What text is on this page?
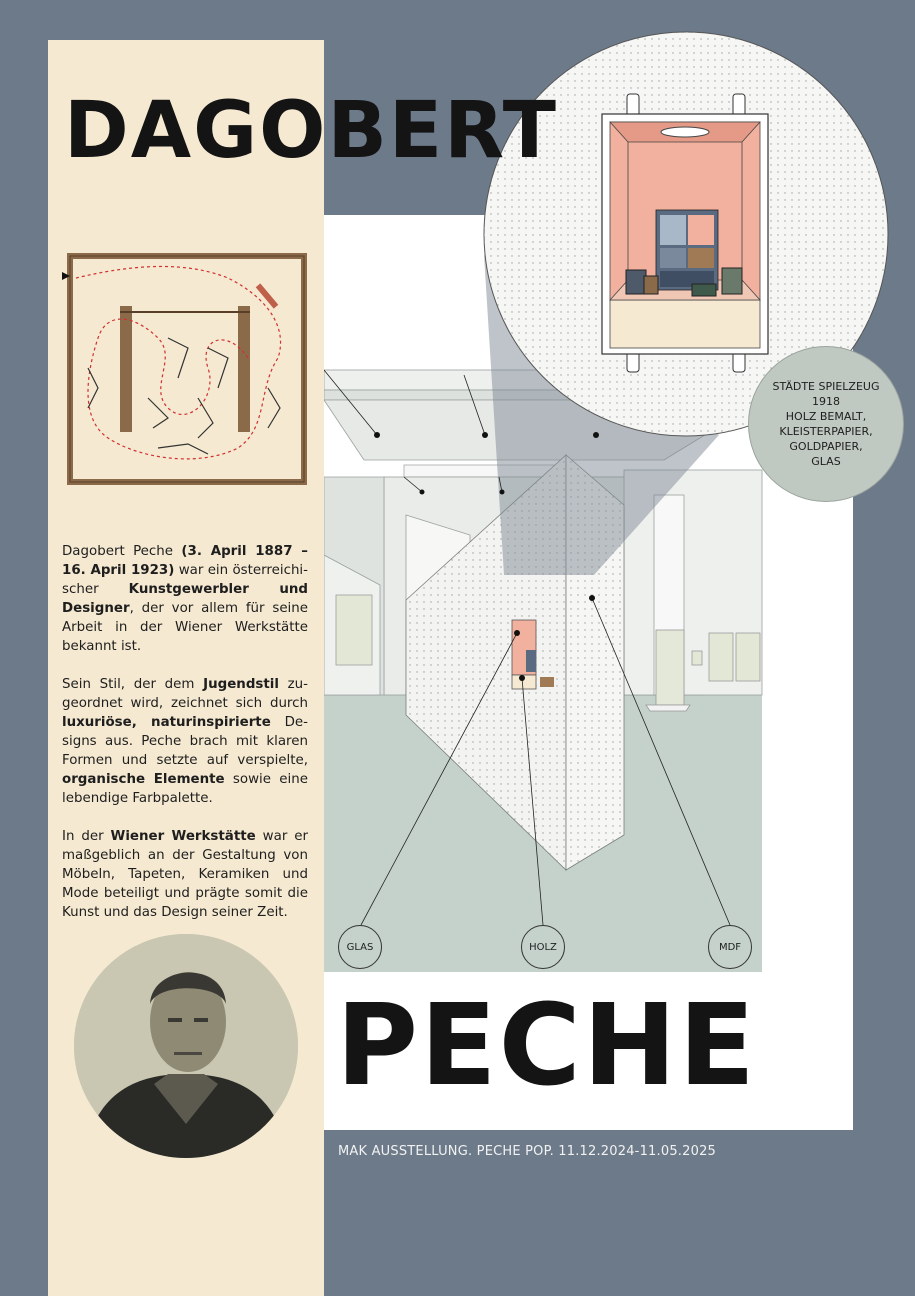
DAGOBERT

Dagobert Peche (3. April 1887 – 16. April 1923) war ein österreichischer Kunstgewerbler und Designer, der vor allem für seine Arbeit in der Wiener Werkstätte bekannt ist.

Sein Stil, der dem Jugendstil zugeordnet wird, zeichnet sich durch luxuriöse, naturinspirierte Designs aus. Peche brach mit klaren Formen und setzte auf verspielte, organische Elemente sowie eine lebendige Farbpalette.

In der Wiener Werkstätte war er maßgeblich an der Gestaltung von Möbeln, Tapeten, Keramiken und Mode beteiligt und prägte somit die Kunst und das Design seiner Zeit.

STÄDTE SPIELZEUG
1918
HOLZ BEMALT,
KLEISTERPAPIER,
GOLDPAPIER,
GLAS
GLAS	HOLZ	MDF
PECHE
MAK AUSSTELLUNG. PECHE POP. 11.12.2024-11.05.2025
